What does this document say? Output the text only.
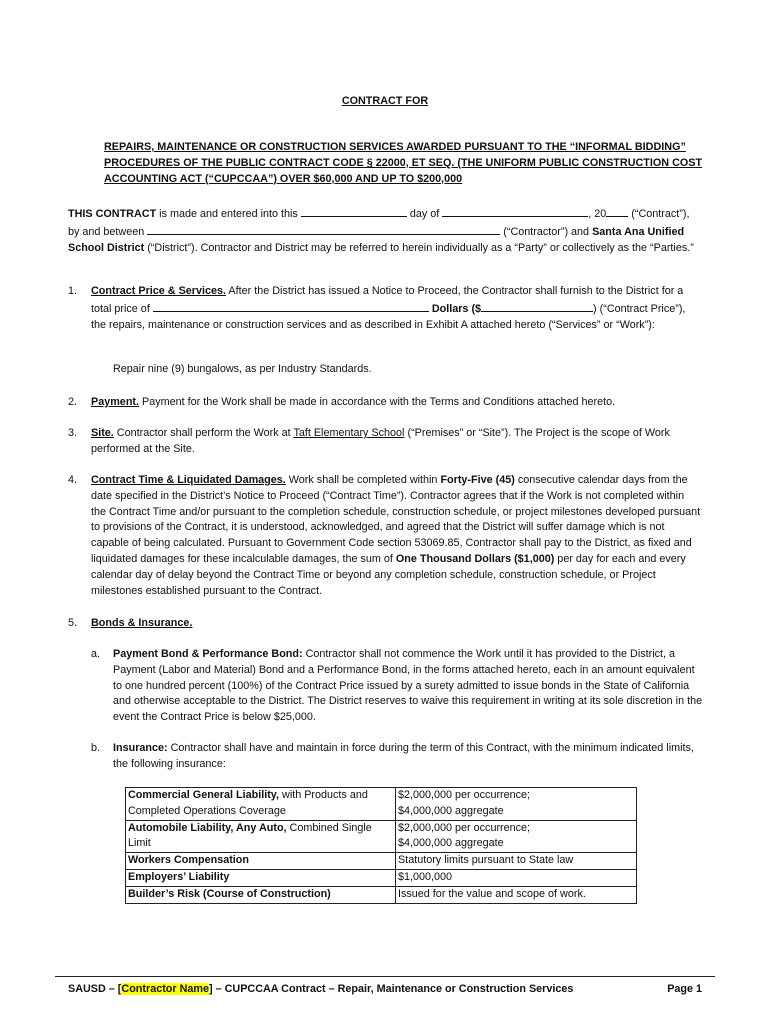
CONTRACT FOR
REPAIRS, MAINTENANCE OR CONSTRUCTION SERVICES AWARDED PURSUANT TO THE “INFORMAL BIDDING” PROCEDURES OF THE PUBLIC CONTRACT CODE § 22000, ET SEQ. (THE UNIFORM PUBLIC CONSTRUCTION COST ACCOUNTING ACT (“CUPCCAA”) OVER $60,000 AND UP TO $200,000
THIS CONTRACT is made and entered into this	day of	, 20 (“Contract”),
by and between	(“Contractor”) and Santa Ana Unified School District (“District”). Contractor and District may be referred to herein individually as a “Party” or collectively as the “Parties.”
1. Contract Price & Services. After the District has issued a Notice to Proceed, the Contractor shall furnish to the District for a total price of	Dollars ($	) (“Contract Price”), the repairs, maintenance or construction services and as described in Exhibit A attached hereto (“Services” or “Work”):
Repair nine (9) bungalows, as per Industry Standards.
2. Payment. Payment for the Work shall be made in accordance with the Terms and Conditions attached hereto.
3. Site. Contractor shall perform the Work at Taft Elementary School (“Premises” or “Site”). The Project is the scope of Work performed at the Site.
4. Contract Time & Liquidated Damages. Work shall be completed within Forty-Five (45) consecutive calendar days from the date specified in the District’s Notice to Proceed (“Contract Time”). Contractor agrees that if the Work is not completed within the Contract Time and/or pursuant to the completion schedule, construction schedule, or project milestones developed pursuant to provisions of the Contract, it is understood, acknowledged, and agreed that the District will suffer damage which is not capable of being calculated. Pursuant to Government Code section 53069.85, Contractor shall pay to the District, as fixed and liquidated damages for these incalculable damages, the sum of One Thousand Dollars ($1,000) per day for each and every calendar day of delay beyond the Contract Time or beyond any completion schedule, construction schedule, or Project milestones established pursuant to the Contract.
5. Bonds & Insurance.
a. Payment Bond & Performance Bond: Contractor shall not commence the Work until it has provided to the District, a Payment (Labor and Material) Bond and a Performance Bond, in the forms attached hereto, each in an amount equivalent to one hundred percent (100%) of the Contract Price issued by a surety admitted to issue bonds in the State of California and otherwise acceptable to the District. The District reserves to waive this requirement in writing at its sole discretion in the event the Contract Price is below $25,000.
b. Insurance: Contractor shall have and maintain in force during the term of this Contract, with the minimum indicated limits, the following insurance:
Commercial General Liability, with Products and Completed Operations Coverage	$2,000,000 per occurrence;
$4,000,000 aggregate
Automobile Liability, Any Auto, Combined Single Limit	$2,000,000 per occurrence;
$4,000,000 aggregate
Workers Compensation	Statutory limits pursuant to State law
Employers’ Liability	$1,000,000
Builder’s Risk (Course of Construction)	Issued for the value and scope of work.
SAUSD – [Contractor Name] – CUPCCAA Contract – Repair, Maintenance or Construction Services	Page 1
